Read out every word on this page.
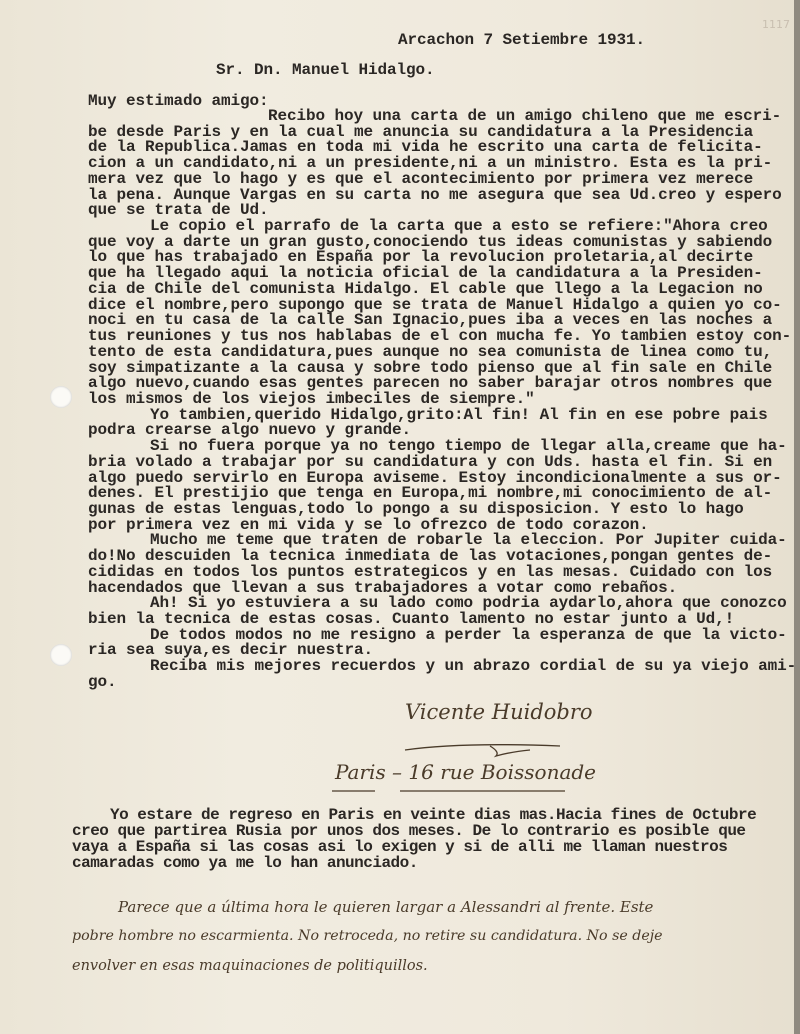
1117
Arcachon 7 Setiembre 1931.
Sr. Dn. Manuel Hidalgo.
Muy estimado amigo:
Recibo hoy una carta de un amigo chileno que me escri-
be desde Paris y en la cual me anuncia su candidatura a la Presidencia
de la Republica.Jamas en toda mi vida he escrito una carta de felicita-
cion a un candidato,ni a un presidente,ni a un ministro. Esta es la pri-
mera vez que lo hago y es que el acontecimiento por primera vez merece
la pena. Aunque Vargas en su carta no me asegura que sea Ud.creo y espero
que se trata de Ud.
Le copio el parrafo de la carta que a esto se refiere:"Ahora creo
que voy a darte un gran gusto,conociendo tus ideas comunistas y sabiendo
lo que has trabajado en España por la revolucion proletaria,al decirte
que ha llegado aqui la noticia oficial de la candidatura a la Presiden-
cia de Chile del comunista Hidalgo. El cable que llego a la Legacion no
dice el nombre,pero supongo que se trata de Manuel Hidalgo a quien yo co-
noci en tu casa de la calle San Ignacio,pues iba a veces en las noches a
tus reuniones y tus nos hablabas de el con mucha fe. Yo tambien estoy con-
tento de esta candidatura,pues aunque no sea comunista de linea como tu,
soy simpatizante a la causa y sobre todo pienso que al fin sale en Chile
algo nuevo,cuando esas gentes parecen no saber barajar otros nombres que
los mismos de los viejos imbeciles de siempre."
Yo tambien,querido Hidalgo,grito:Al fin! Al fin en ese pobre pais
podra crearse algo nuevo y grande.
Si no fuera porque ya no tengo tiempo de llegar alla,creame que ha-
bria volado a trabajar por su candidatura y con Uds. hasta el fin. Si en
algo puedo servirlo en Europa aviseme. Estoy incondicionalmente a sus or-
denes. El prestijio que tenga en Europa,mi nombre,mi conocimiento de al-
gunas de estas lenguas,todo lo pongo a su disposicion. Y esto lo hago
por primera vez en mi vida y se lo ofrezco de todo corazon.
Mucho me teme que traten de robarle la eleccion. Por Jupiter cuida-
do!No descuiden la tecnica inmediata de las votaciones,pongan gentes de-
cididas en todos los puntos estrategicos y en las mesas. Cuidado con los
hacendados que llevan a sus trabajadores a votar como rebaños.
Ah! Si yo estuviera a su lado como podria aydarlo,ahora que conozco
bien la tecnica de estas cosas. Cuanto lamento no estar junto a Ud,!
De todos modos no me resigno a perder la esperanza de que la victo-
ria sea suya,es decir nuestra.
Reciba mis mejores recuerdos y un abrazo cordial de su ya viejo ami-
go.
Vicente Huidobro
Paris – 16 rue Boissonade
Yo estare de regreso en Paris en veinte dias mas.Hacia fines de Octubre
creo que partirea Rusia por unos dos meses. De lo contrario es posible que
vaya a España si las cosas asi lo exigen y si de alli me llaman nuestros
camaradas como ya me lo han anunciado.
Parece que a última hora le quieren largar a Alessandri al frente. Este
pobre hombre no escarmienta. No retroceda, no retire su candidatura. No se deje
envolver en esas maquinaciones de politiquillos.
